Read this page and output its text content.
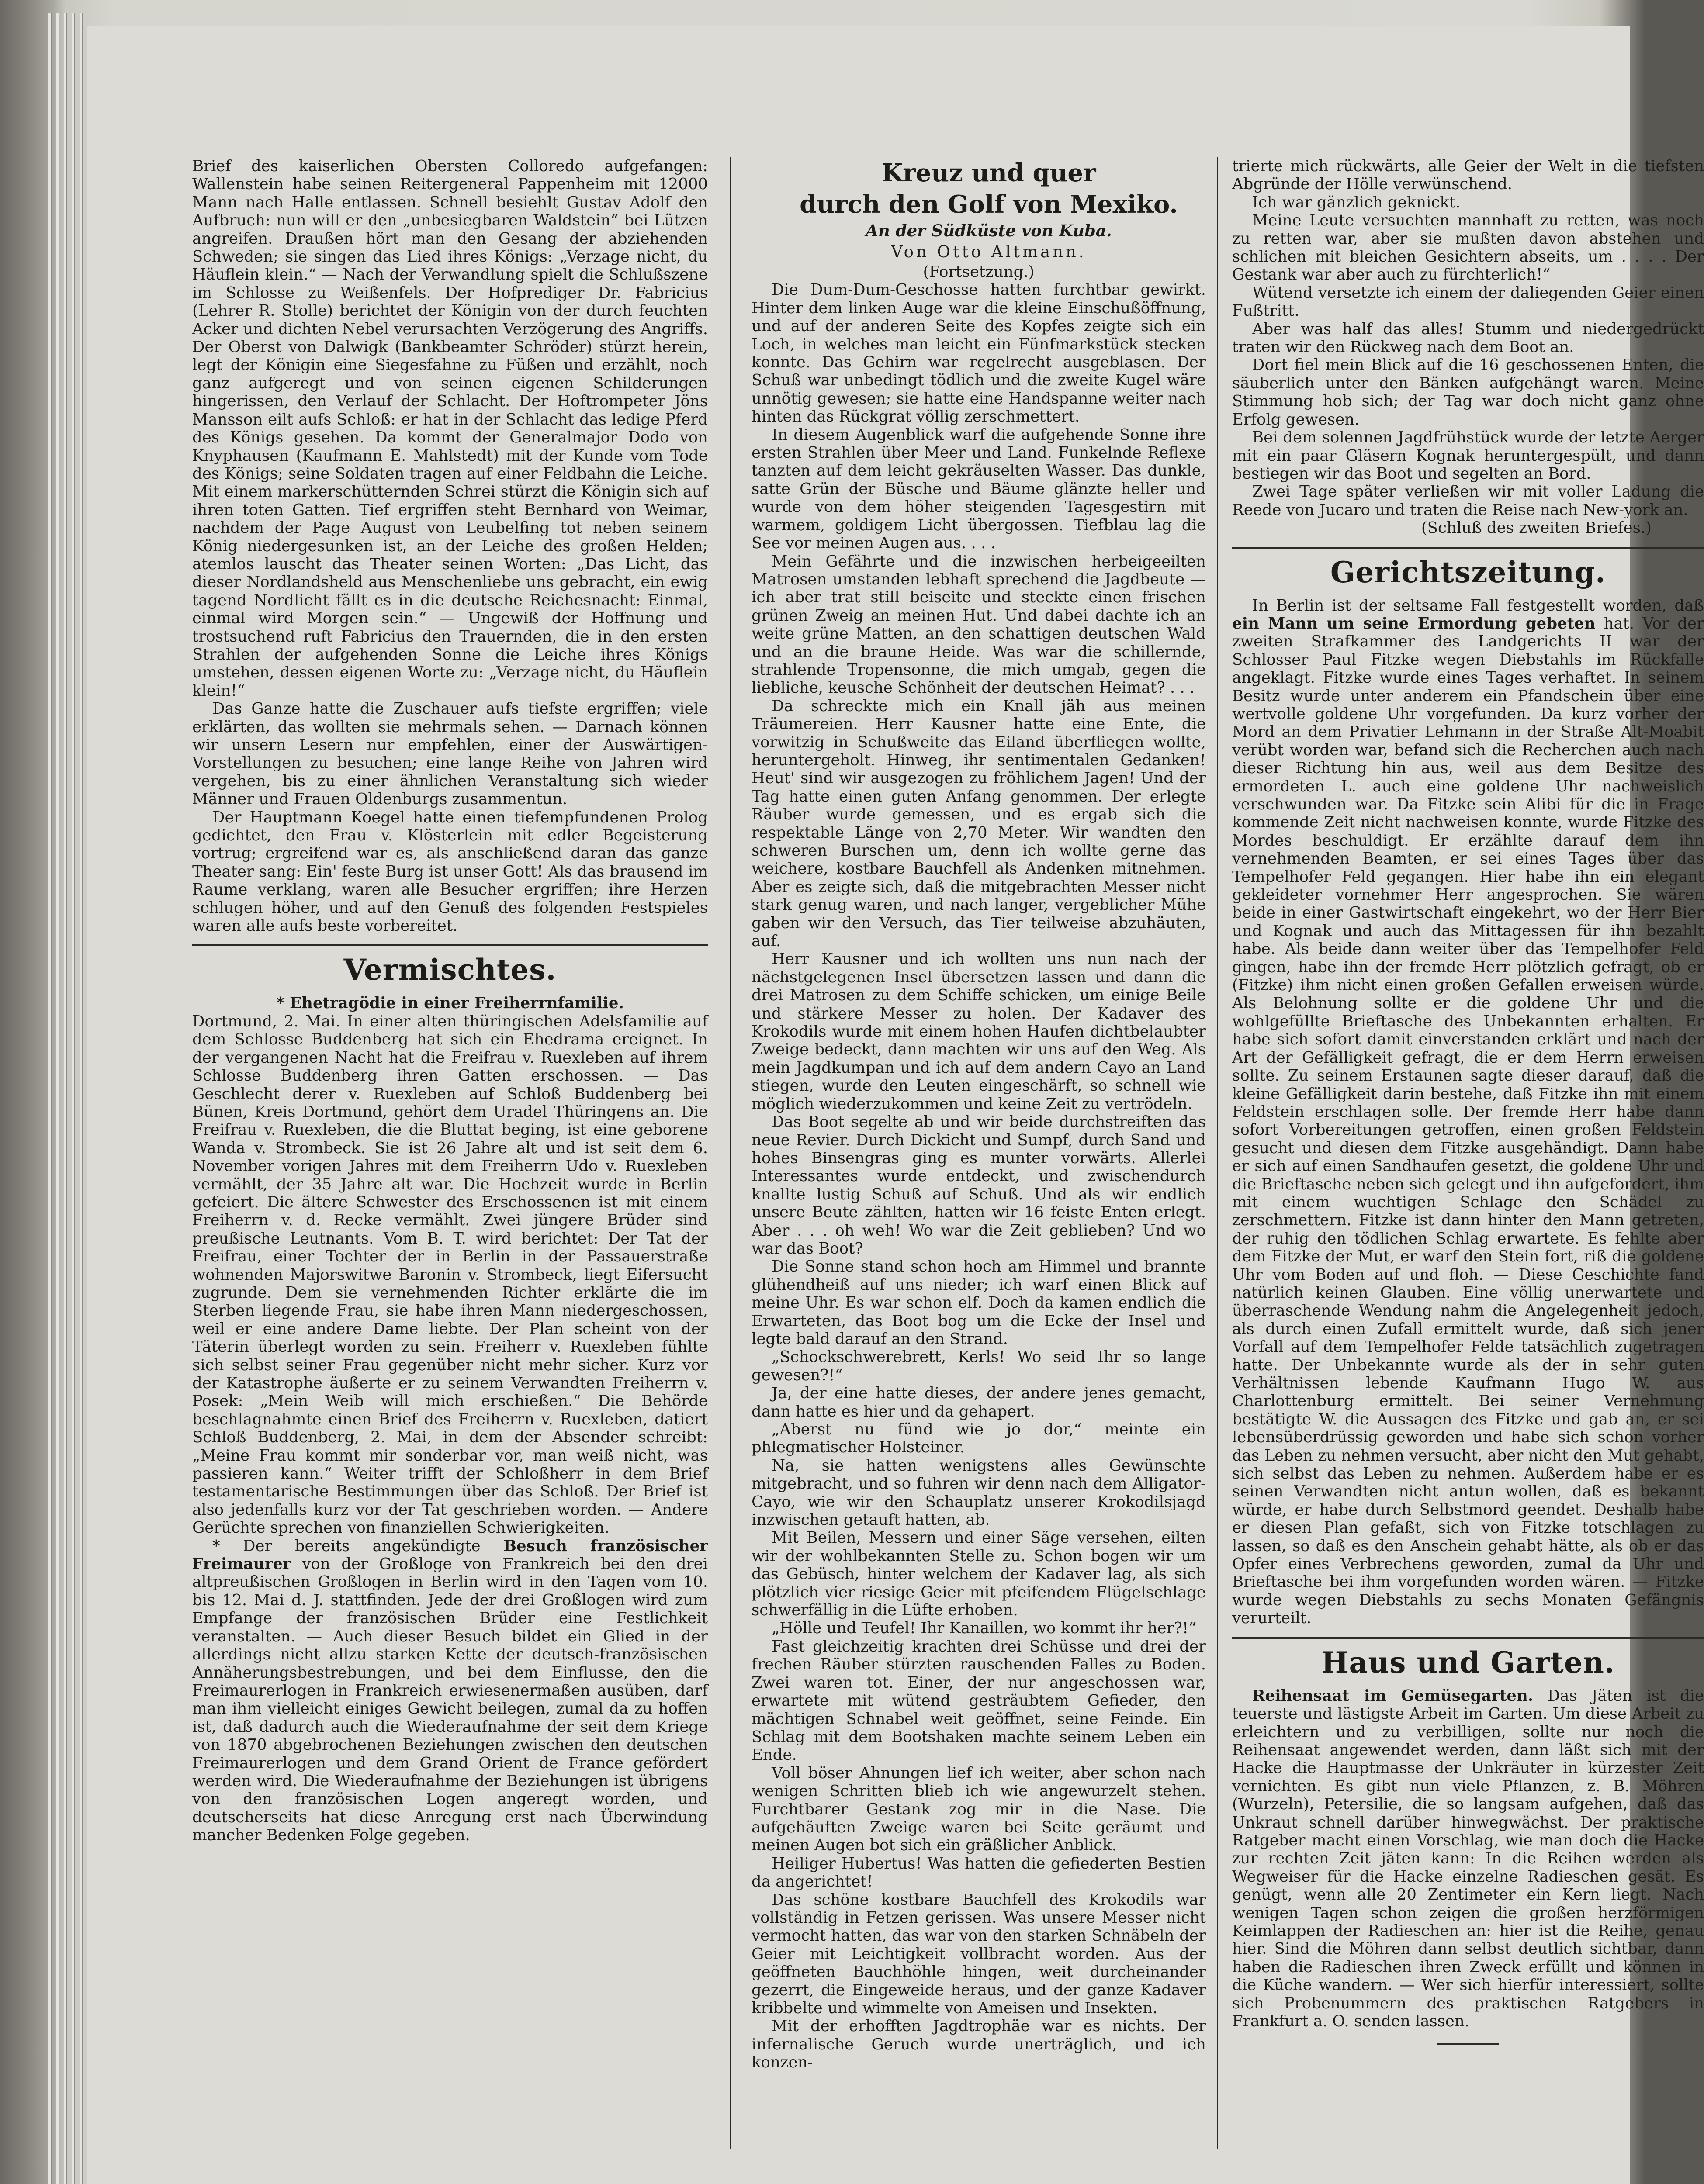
Brief des kaiserlichen Obersten Colloredo aufgefangen: Wallenstein habe seinen Reitergeneral Pappenheim mit 12000 Mann nach Halle entlassen. Schnell besiehlt Gustav Adolf den Aufbruch: nun will er den „unbesiegbaren Waldstein“ bei Lützen angreifen. Draußen hört man den Gesang der abziehenden Schweden; sie singen das Lied ihres Königs: „Verzage nicht, du Häuflein klein.“ — Nach der Verwandlung spielt die Schlußszene im Schlosse zu Weißenfels. Der Hofprediger Dr. Fabricius (Lehrer R. Stolle) berichtet der Königin von der durch feuchten Acker und dichten Nebel verursachten Verzögerung des Angriffs. Der Oberst von Dalwigk (Bankbeamter Schröder) stürzt herein, legt der Königin eine Siegesfahne zu Füßen und erzählt, noch ganz aufgeregt und von seinen eigenen Schilderungen hingerissen, den Verlauf der Schlacht. Der Hoftrompeter Jöns Mansson eilt aufs Schloß: er hat in der Schlacht das ledige Pferd des Königs gesehen. Da kommt der Generalmajor Dodo von Knyphausen (Kaufmann E. Mahlstedt) mit der Kunde vom Tode des Königs; seine Soldaten tragen auf einer Feldbahn die Leiche. Mit einem markerschütternden Schrei stürzt die Königin sich auf ihren toten Gatten. Tief ergriffen steht Bernhard von Weimar, nachdem der Page August von Leubelfing tot neben seinem König niedergesunken ist, an der Leiche des großen Helden; atemlos lauscht das Theater seinen Worten: „Das Licht, das dieser Nordlandsheld aus Menschenliebe uns gebracht, ein ewig tagend Nordlicht fällt es in die deutsche Reichesnacht: Einmal, einmal wird Morgen sein.“ — Ungewiß der Hoffnung und trostsuchend ruft Fabricius den Trauernden, die in den ersten Strahlen der aufgehenden Sonne die Leiche ihres Königs umstehen, dessen eigenen Worte zu: „Verzage nicht, du Häuflein klein!“

Das Ganze hatte die Zuschauer aufs tiefste ergriffen; viele erklärten, das wollten sie mehrmals sehen. — Darnach können wir unsern Lesern nur empfehlen, einer der Auswärtigen-Vorstellungen zu besuchen; eine lange Reihe von Jahren wird vergehen, bis zu einer ähnlichen Veranstaltung sich wieder Männer und Frauen Oldenburgs zusammentun.

Der Hauptmann Koegel hatte einen tiefempfundenen Prolog gedichtet, den Frau v. Klösterlein mit edler Begeisterung vortrug; ergreifend war es, als anschließend daran das ganze Theater sang: Ein' feste Burg ist unser Gott! Als das brausend im Raume verklang, waren alle Besucher ergriffen; ihre Herzen schlugen höher, und auf den Genuß des folgenden Festspieles waren alle aufs beste vorbereitet.

Vermischtes.

* Ehetragödie in einer Freiherrnfamilie.

Dortmund, 2. Mai. In einer alten thüringischen Adelsfamilie auf dem Schlosse Buddenberg hat sich ein Ehedrama ereignet. In der vergangenen Nacht hat die Freifrau v. Ruexleben auf ihrem Schlosse Buddenberg ihren Gatten erschossen. — Das Geschlecht derer v. Ruexleben auf Schloß Buddenberg bei Bünen, Kreis Dortmund, gehört dem Uradel Thüringens an. Die Freifrau v. Ruexleben, die die Bluttat beging, ist eine geborene Wanda v. Strombeck. Sie ist 26 Jahre alt und ist seit dem 6. November vorigen Jahres mit dem Freiherrn Udo v. Ruexleben vermählt, der 35 Jahre alt war. Die Hochzeit wurde in Berlin gefeiert. Die ältere Schwester des Erschossenen ist mit einem Freiherrn v. d. Recke vermählt. Zwei jüngere Brüder sind preußische Leutnants. Vom B. T. wird berichtet: Der Tat der Freifrau, einer Tochter der in Berlin in der Passauerstraße wohnenden Majorswitwe Baronin v. Strombeck, liegt Eifersucht zugrunde. Dem sie vernehmenden Richter erklärte die im Sterben liegende Frau, sie habe ihren Mann niedergeschossen, weil er eine andere Dame liebte. Der Plan scheint von der Täterin überlegt worden zu sein. Freiherr v. Ruexleben fühlte sich selbst seiner Frau gegenüber nicht mehr sicher. Kurz vor der Katastrophe äußerte er zu seinem Verwandten Freiherrn v. Posek: „Mein Weib will mich erschießen.“ Die Behörde beschlagnahmte einen Brief des Freiherrn v. Ruexleben, datiert Schloß Buddenberg, 2. Mai, in dem der Absender schreibt: „Meine Frau kommt mir sonderbar vor, man weiß nicht, was passieren kann.“ Weiter trifft der Schloßherr in dem Brief testamentarische Bestimmungen über das Schloß. Der Brief ist also jedenfalls kurz vor der Tat geschrieben worden. — Andere Gerüchte sprechen von finanziellen Schwierigkeiten.

* Der bereits angekündigte Besuch französischer Freimaurer von der Großloge von Frankreich bei den drei altpreußischen Großlogen in Berlin wird in den Tagen vom 10. bis 12. Mai d. J. stattfinden. Jede der drei Großlogen wird zum Empfange der französischen Brüder eine Festlichkeit veranstalten. — Auch dieser Besuch bildet ein Glied in der allerdings nicht allzu starken Kette der deutsch-französischen Annäherungsbestrebungen, und bei dem Einflusse, den die Freimaurerlogen in Frankreich erwiesenermaßen ausüben, darf man ihm vielleicht einiges Gewicht beilegen, zumal da zu hoffen ist, daß dadurch auch die Wiederaufnahme der seit dem Kriege von 1870 abgebrochenen Beziehungen zwischen den deutschen Freimaurerlogen und dem Grand Orient de France gefördert werden wird. Die Wiederaufnahme der Beziehungen ist übrigens von den französischen Logen angeregt worden, und deutscherseits hat diese Anregung erst nach Überwindung mancher Bedenken Folge gegeben.

Kreuz und quer

durch den Golf von Mexiko.

An der Südküste von Kuba.

Von Otto Altmann.

(Fortsetzung.)

Die Dum-Dum-Geschosse hatten furchtbar gewirkt. Hinter dem linken Auge war die kleine Einschußöffnung, und auf der anderen Seite des Kopfes zeigte sich ein Loch, in welches man leicht ein Fünfmarkstück stecken konnte. Das Gehirn war regelrecht ausgeblasen. Der Schuß war unbedingt tödlich und die zweite Kugel wäre unnötig gewesen; sie hatte eine Handspanne weiter nach hinten das Rückgrat völlig zerschmettert.

In diesem Augenblick warf die aufgehende Sonne ihre ersten Strahlen über Meer und Land. Funkelnde Reflexe tanzten auf dem leicht gekräuselten Wasser. Das dunkle, satte Grün der Büsche und Bäume glänzte heller und wurde von dem höher steigenden Tagesgestirn mit warmem, goldigem Licht übergossen. Tiefblau lag die See vor meinen Augen aus. . . .

Mein Gefährte und die inzwischen herbeigeeilten Matrosen umstanden lebhaft sprechend die Jagdbeute — ich aber trat still beiseite und steckte einen frischen grünen Zweig an meinen Hut. Und dabei dachte ich an weite grüne Matten, an den schattigen deutschen Wald und an die braune Heide. Was war die schillernde, strahlende Tropensonne, die mich umgab, gegen die liebliche, keusche Schönheit der deutschen Heimat? . . .

Da schreckte mich ein Knall jäh aus meinen Träumereien. Herr Kausner hatte eine Ente, die vorwitzig in Schußweite das Eiland überfliegen wollte, heruntergeholt. Hinweg, ihr sentimentalen Gedanken! Heut' sind wir ausgezogen zu fröhlichem Jagen! Und der Tag hatte einen guten Anfang genommen. Der erlegte Räuber wurde gemessen, und es ergab sich die respektable Länge von 2,70 Meter. Wir wandten den schweren Burschen um, denn ich wollte gerne das weichere, kostbare Bauchfell als Andenken mitnehmen. Aber es zeigte sich, daß die mitgebrachten Messer nicht stark genug waren, und nach langer, vergeblicher Mühe gaben wir den Versuch, das Tier teilweise abzuhäuten, auf.

Herr Kausner und ich wollten uns nun nach der nächstgelegenen Insel übersetzen lassen und dann die drei Matrosen zu dem Schiffe schicken, um einige Beile und stärkere Messer zu holen. Der Kadaver des Krokodils wurde mit einem hohen Haufen dichtbelaubter Zweige bedeckt, dann machten wir uns auf den Weg. Als mein Jagdkumpan und ich auf dem andern Cayo an Land stiegen, wurde den Leuten eingeschärft, so schnell wie möglich wiederzukommen und keine Zeit zu vertrödeln.

Das Boot segelte ab und wir beide durchstreiften das neue Revier. Durch Dickicht und Sumpf, durch Sand und hohes Binsengras ging es munter vorwärts. Allerlei Interessantes wurde entdeckt, und zwischendurch knallte lustig Schuß auf Schuß. Und als wir endlich unsere Beute zählten, hatten wir 16 feiste Enten erlegt. Aber . . . oh weh! Wo war die Zeit geblieben? Und wo war das Boot?

Die Sonne stand schon hoch am Himmel und brannte glühendheiß auf uns nieder; ich warf einen Blick auf meine Uhr. Es war schon elf. Doch da kamen endlich die Erwarteten, das Boot bog um die Ecke der Insel und legte bald darauf an den Strand.

„Schockschwerebrett, Kerls! Wo seid Ihr so lange gewesen?!“

Ja, der eine hatte dieses, der andere jenes gemacht, dann hatte es hier und da gehapert.

„Aberst nu fünd wie jo dor,“ meinte ein phlegmatischer Holsteiner.

Na, sie hatten wenigstens alles Gewünschte mitgebracht, und so fuhren wir denn nach dem Alligator-Cayo, wie wir den Schauplatz unserer Krokodilsjagd inzwischen getauft hatten, ab.

Mit Beilen, Messern und einer Säge versehen, eilten wir der wohlbekannten Stelle zu. Schon bogen wir um das Gebüsch, hinter welchem der Kadaver lag, als sich plötzlich vier riesige Geier mit pfeifendem Flügelschlage schwerfällig in die Lüfte erhoben.

„Hölle und Teufel! Ihr Kanaillen, wo kommt ihr her?!“

Fast gleichzeitig krachten drei Schüsse und drei der frechen Räuber stürzten rauschenden Falles zu Boden. Zwei waren tot. Einer, der nur angeschossen war, erwartete mit wütend gesträubtem Gefieder, den mächtigen Schnabel weit geöffnet, seine Feinde. Ein Schlag mit dem Bootshaken machte seinem Leben ein Ende.

Voll böser Ahnungen lief ich weiter, aber schon nach wenigen Schritten blieb ich wie angewurzelt stehen. Furchtbarer Gestank zog mir in die Nase. Die aufgehäuften Zweige waren bei Seite geräumt und meinen Augen bot sich ein gräßlicher Anblick.

Heiliger Hubertus! Was hatten die gefiederten Bestien da angerichtet!

Das schöne kostbare Bauchfell des Krokodils war vollständig in Fetzen gerissen. Was unsere Messer nicht vermocht hatten, das war von den starken Schnäbeln der Geier mit Leichtigkeit vollbracht worden. Aus der geöffneten Bauchhöhle hingen, weit durcheinander gezerrt, die Eingeweide heraus, und der ganze Kadaver kribbelte und wimmelte von Ameisen und Insekten.

Mit der erhofften Jagdtrophäe war es nichts. Der infernalische Geruch wurde unerträglich, und ich konzen-

trierte mich rückwärts, alle Geier der Welt in die tiefsten Abgründe der Hölle verwünschend.

Ich war gänzlich geknickt.

Meine Leute versuchten mannhaft zu retten, was noch zu retten war, aber sie mußten davon abstehen und schlichen mit bleichen Gesichtern abseits, um . . . . Der Gestank war aber auch zu fürchterlich!“

Wütend versetzte ich einem der daliegenden Geier einen Fußtritt.

Aber was half das alles! Stumm und niedergedrückt traten wir den Rückweg nach dem Boot an.

Dort fiel mein Blick auf die 16 geschossenen Enten, die säuberlich unter den Bänken aufgehängt waren. Meine Stimmung hob sich; der Tag war doch nicht ganz ohne Erfolg gewesen.

Bei dem solennen Jagdfrühstück wurde der letzte Aerger mit ein paar Gläsern Kognak heruntergespült, und dann bestiegen wir das Boot und segelten an Bord.

Zwei Tage später verließen wir mit voller Ladung die Reede von Jucaro und traten die Reise nach New-york an.

(Schluß des zweiten Briefes.)

Gerichtszeitung.

In Berlin ist der seltsame Fall festgestellt worden, daß ein Mann um seine Ermordung gebeten hat. Vor der zweiten Strafkammer des Landgerichts II war der Schlosser Paul Fitzke wegen Diebstahls im Rückfalle angeklagt. Fitzke wurde eines Tages verhaftet. In seinem Besitz wurde unter anderem ein Pfandschein über eine wertvolle goldene Uhr vorgefunden. Da kurz vorher der Mord an dem Privatier Lehmann in der Straße Alt-Moabit verübt worden war, befand sich die Recherchen auch nach dieser Richtung hin aus, weil aus dem Besitze des ermordeten L. auch eine goldene Uhr nachweislich verschwunden war. Da Fitzke sein Alibi für die in Frage kommende Zeit nicht nachweisen konnte, wurde Fitzke des Mordes beschuldigt. Er erzählte darauf dem ihn vernehmenden Beamten, er sei eines Tages über das Tempelhofer Feld gegangen. Hier habe ihn ein elegant gekleideter vornehmer Herr angesprochen. Sie wären beide in einer Gastwirtschaft eingekehrt, wo der Herr Bier und Kognak und auch das Mittagessen für ihn bezahlt habe. Als beide dann weiter über das Tempelhofer Feld gingen, habe ihn der fremde Herr plötzlich gefragt, ob er (Fitzke) ihm nicht einen großen Gefallen erweisen würde. Als Belohnung sollte er die goldene Uhr und die wohlgefüllte Brieftasche des Unbekannten erhalten. Er habe sich sofort damit einverstanden erklärt und nach der Art der Gefälligkeit gefragt, die er dem Herrn erweisen sollte. Zu seinem Erstaunen sagte dieser darauf, daß die kleine Gefälligkeit darin bestehe, daß Fitzke ihn mit einem Feldstein erschlagen solle. Der fremde Herr habe dann sofort Vorbereitungen getroffen, einen großen Feldstein gesucht und diesen dem Fitzke ausgehändigt. Dann habe er sich auf einen Sandhaufen gesetzt, die goldene Uhr und die Brieftasche neben sich gelegt und ihn aufgefordert, ihm mit einem wuchtigen Schlage den Schädel zu zerschmettern. Fitzke ist dann hinter den Mann getreten, der ruhig den tödlichen Schlag erwartete. Es fehlte aber dem Fitzke der Mut, er warf den Stein fort, riß die goldene Uhr vom Boden auf und floh. — Diese Geschichte fand natürlich keinen Glauben. Eine völlig unerwartete und überraschende Wendung nahm die Angelegenheit jedoch, als durch einen Zufall ermittelt wurde, daß sich jener Vorfall auf dem Tempelhofer Felde tatsächlich zugetragen hatte. Der Unbekannte wurde als der in sehr guten Verhältnissen lebende Kaufmann Hugo W. aus Charlottenburg ermittelt. Bei seiner Vernehmung bestätigte W. die Aussagen des Fitzke und gab an, er sei lebensüberdrüssig geworden und habe sich schon vorher das Leben zu nehmen versucht, aber nicht den Mut gehabt, sich selbst das Leben zu nehmen. Außerdem habe er es seinen Verwandten nicht antun wollen, daß es bekannt würde, er habe durch Selbstmord geendet. Deshalb habe er diesen Plan gefaßt, sich von Fitzke totschlagen zu lassen, so daß es den Anschein gehabt hätte, als ob er das Opfer eines Verbrechens geworden, zumal da Uhr und Brieftasche bei ihm vorgefunden worden wären. — Fitzke wurde wegen Diebstahls zu sechs Monaten Gefängnis verurteilt.

Haus und Garten.

Reihensaat im Gemüsegarten. Das Jäten ist die teuerste und lästigste Arbeit im Garten. Um diese Arbeit zu erleichtern und zu verbilligen, sollte nur noch die Reihensaat angewendet werden, dann läßt sich mit der Hacke die Hauptmasse der Unkräuter in kürzester Zeit vernichten. Es gibt nun viele Pflanzen, z. B. Möhren (Wurzeln), Petersilie, die so langsam aufgehen, daß das Unkraut schnell darüber hinwegwächst. Der praktische Ratgeber macht einen Vorschlag, wie man doch die Hacke zur rechten Zeit jäten kann: In die Reihen werden als Wegweiser für die Hacke einzelne Radieschen gesät. Es genügt, wenn alle 20 Zentimeter ein Kern liegt. Nach wenigen Tagen schon zeigen die großen herzförmigen Keimlappen der Radieschen an: hier ist die Reihe, genau hier. Sind die Möhren dann selbst deutlich sichtbar, dann haben die Radieschen ihren Zweck erfüllt und können in die Küche wandern. — Wer sich hierfür interessiert, sollte sich Probenummern des praktischen Ratgebers in Frankfurt a. O. senden lassen.
